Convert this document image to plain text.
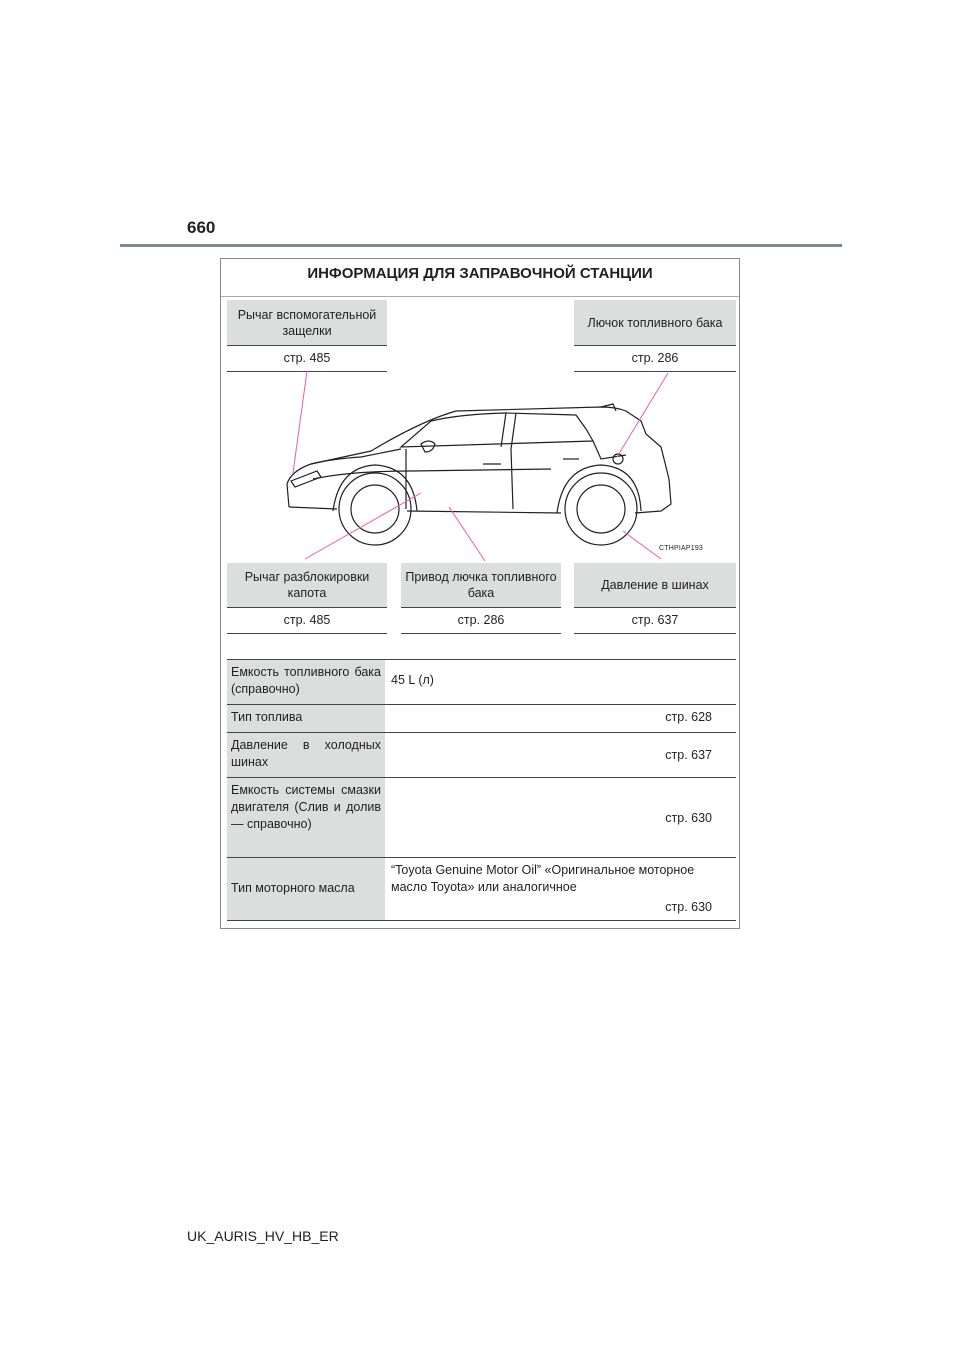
660
ИНФОРМАЦИЯ ДЛЯ ЗАПРАВОЧНОЙ СТАНЦИИ
Рычаг вспомогательной защелки
стр. 485
Лючок топливного бака
стр. 286
CTHPIAP193
Рычаг разблокировки капота
стр. 485
Привод лючка топливного бака
стр. 286
Давление в шинах
стр. 637
Емкость топливного бака (справочно)
45 L (л)
Тип топлива	стр. 628
Давление в холодных шинах	стр. 637
Емкость системы смазки двигателя (Слив и долив — справочно)	стр. 630
Тип моторного масла
“Toyota Genuine Motor Oil” «Оригинальное моторное масло Toyota» или аналогичное
стр. 630
UK_AURIS_HV_HB_ER
